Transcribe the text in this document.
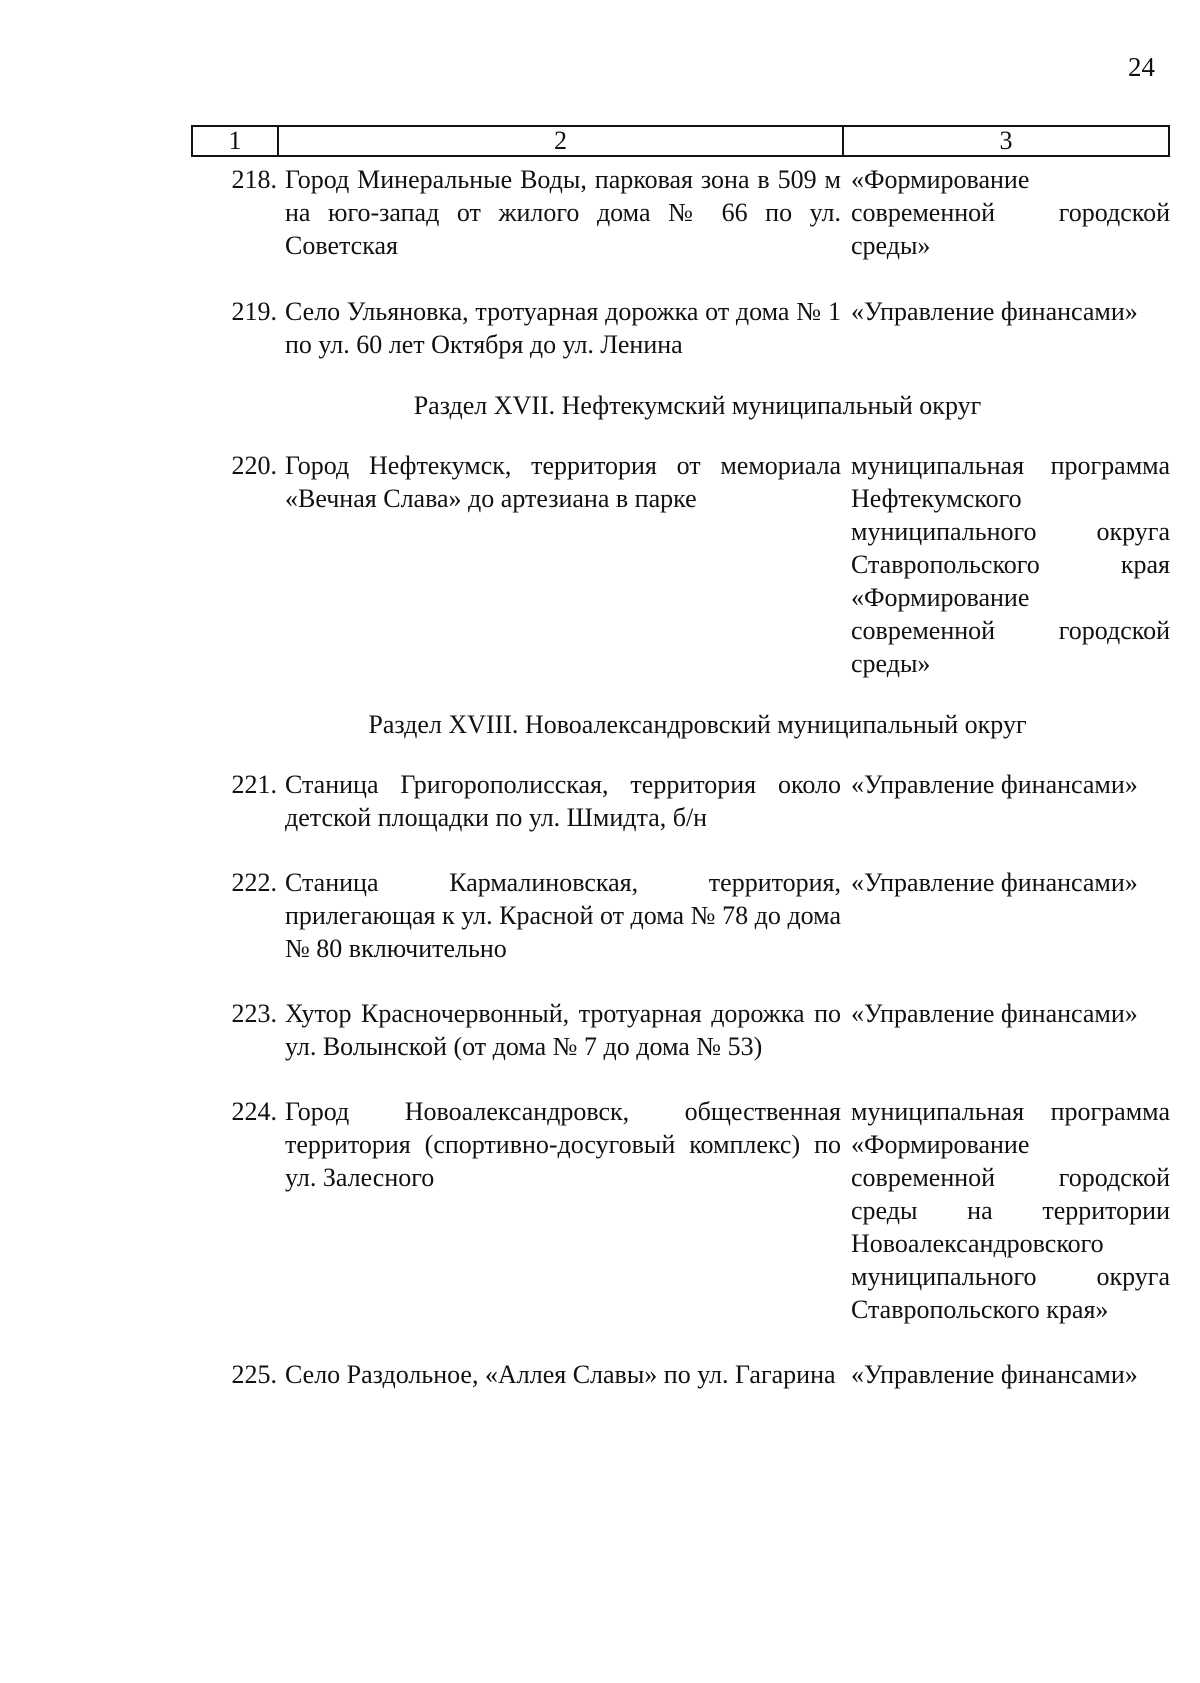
24
1	2	3
218. Город Минеральные Воды, парковая зона в 509 м на юго-запад от жилого дома № 66 по ул. Советская
«Формирование современной городской среды»
219. Село Ульяновка, тротуарная дорожка от дома № 1 по ул. 60 лет Октября до ул. Ленина
«Управление финансами»
Раздел XVII. Нефтекумский муниципальный округ
220. Город Нефтекумск, территория от мемориала «Вечная Слава» до артезиана в парке
муниципальная программа Нефтекумского муниципального округа Ставропольского края «Формирование современной городской среды»
Раздел XVIII. Новоалександровский муниципальный округ
221. Станица Григорополисская, территория около детской площадки по ул. Шмидта, б/н
«Управление финансами»
222. Станица Кармалиновская, территория, прилегающая к ул. Красной от дома № 78 до дома № 80 включительно
«Управление финансами»
223. Хутор Красночервонный, тротуарная дорожка по ул. Волынской (от дома № 7 до дома № 53)
«Управление финансами»
224. Город Новоалександровск, общественная территория (спортивно-досуговый комплекс) по ул. Залесного
муниципальная программа «Формирование современной городской среды на территории Новоалександровского муниципального округа Ставропольского края»
225. Село Раздольное, «Аллея Славы» по ул. Гагарина «Управление финансами»
